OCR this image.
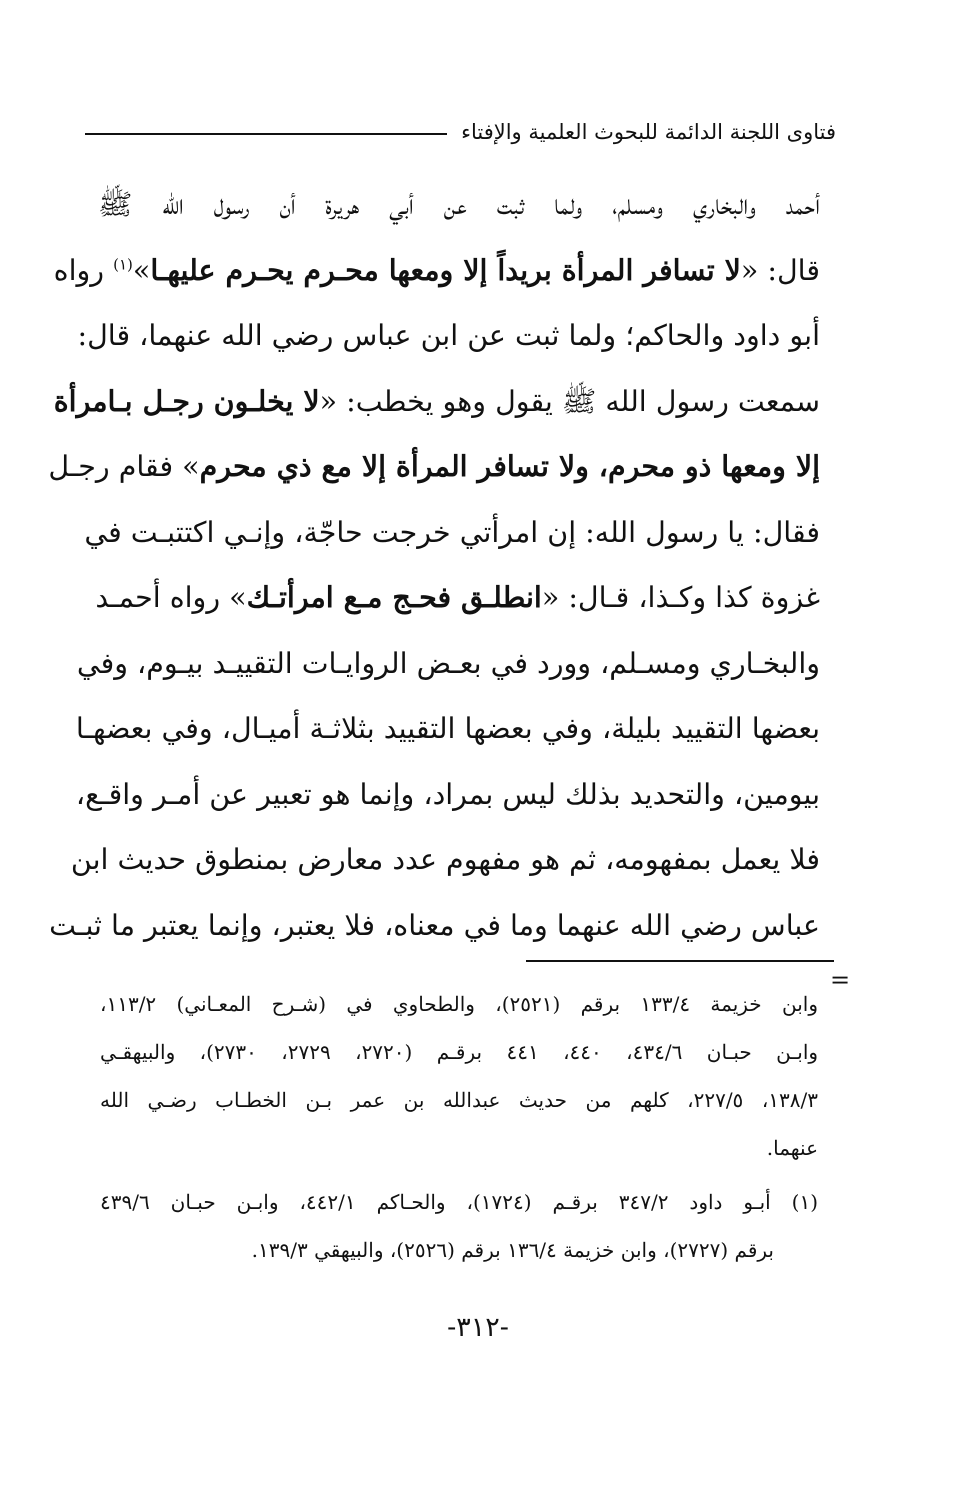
فتاوى اللجنة الدائمة للبحوث العلمية والإفتاء
أحمد والبخاري ومسلم، ولما ثبت عن أبي هريرة أن رسول الله ﷺ
قال: «لا تسافر المرأة بريداً إلا ومعها محـرم يحـرم عليهـا»$^{(١)}$ رواه
أبو داود والحاكم؛ ولما ثبت عن ابن عباس رضي الله عنهما، قال:
سمعت رسول الله ﷺ يقول وهو يخطب: «لا يخلـون رجـل بـامرأة
إلا ومعها ذو محرم، ولا تسافر المرأة إلا مع ذي محرم» فقام رجـل
فقال: يا رسول الله: إن امرأتي خرجت حاجّة، وإنـي اكتتبـت في
غزوة كذا وكـذا، قـال: «انطلـق فحـج مـع امرأتـك» رواه أحمـد
والبخـاري ومسـلم، وورد في بعـض الروايـات التقييـد بيـوم، وفي
بعضها التقييد بليلة، وفي بعضها التقييد بثلاثـة أميـال، وفي بعضهـا
بيومين، والتحديد بذلك ليس بمراد، وإنما هو تعبير عن أمـر واقـع،
فلا يعمل بمفهومه، ثم هو مفهوم عدد معارض بمنطوق حديث ابن
عباس رضي الله عنهما وما في معناه، فلا يعتبر، وإنما يعتبر ما ثبـت
=
وابن خزيمة ١٣٣/٤ برقم (٢٥٢١)، والطحاوي في (شـرح المعـاني) ١١٣/٢،
وابـن حبـان ٤٣٤/٦، ٤٤٠، ٤٤١ برقـم (٢٧٢٠، ٢٧٢٩، ٢٧٣٠)، والبيهقـي
١٣٨/٣، ٢٢٧/٥، كلهم من حديث عبدالله بن عمر بـن الخطـاب رضـي الله
عنهما.
(١) أبـو داود ٣٤٧/٢ برقـم (١٧٢٤)، والحـاكم ٤٤٢/١، وابـن حبـان ٤٣٩/٦
برقم (٢٧٢٧)، وابن خزيمة ١٣٦/٤ برقم (٢٥٢٦)، والبيهقي ١٣٩/٣.
-٣١٢-
